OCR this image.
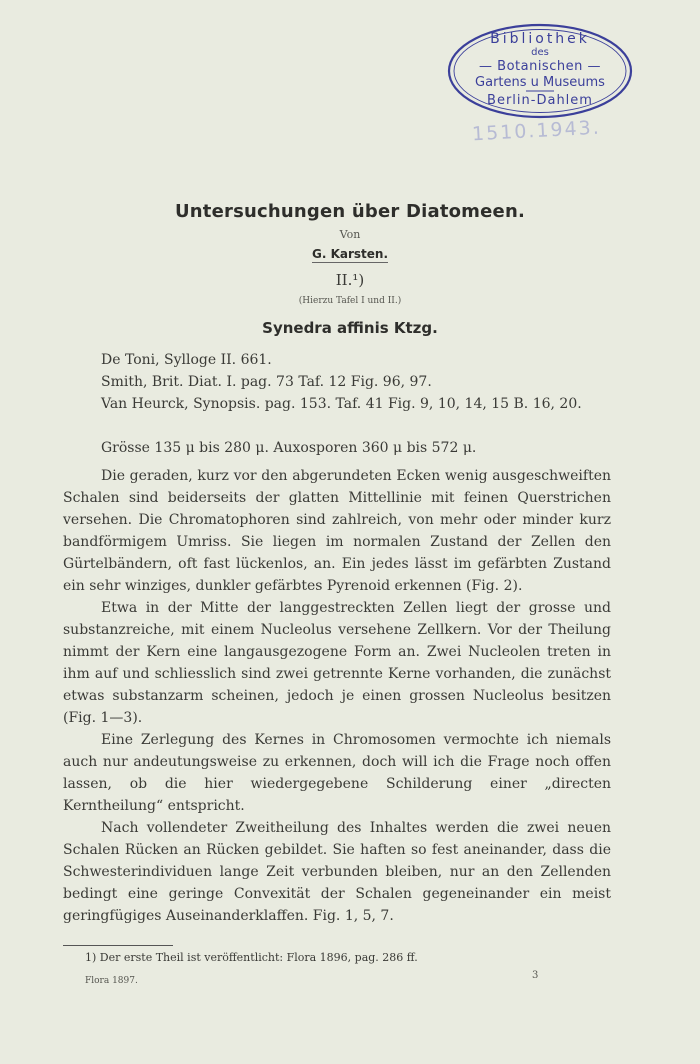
Bibliothek
des
— Botanischen —
Gartens u Museums
Berlin-Dahlem
1510.1943.
Untersuchungen über Diatomeen.
Von
G. Karsten.
II.¹)
(Hierzu Tafel I und II.)
Synedra affinis Ktzg.
De Toni, Sylloge II. 661.
Smith, Brit. Diat. I. pag. 73 Taf. 12 Fig. 96, 97.
Van Heurck, Synopsis. pag. 153. Taf. 41 Fig. 9, 10, 14, 15 B. 16, 20.
Grösse 135 μ bis 280 μ. Auxosporen 360 μ bis 572 μ.

Die geraden, kurz vor den abgerundeten Ecken wenig ausgeschweiften Schalen sind beiderseits der glatten Mittellinie mit feinen Querstrichen versehen. Die Chromatophoren sind zahlreich, von mehr oder minder kurz bandförmigem Umriss. Sie liegen im normalen Zustand der Zellen den Gürtelbändern, oft fast lückenlos, an. Ein jedes lässt im gefärbten Zustand ein sehr winziges, dunkler gefärbtes Pyrenoid erkennen (Fig. 2).

Etwa in der Mitte der langgestreckten Zellen liegt der grosse und substanzreiche, mit einem Nucleolus versehene Zellkern. Vor der Theilung nimmt der Kern eine langausgezogene Form an. Zwei Nucleolen treten in ihm auf und schliesslich sind zwei getrennte Kerne vorhanden, die zunächst etwas substanzarm scheinen, jedoch je einen grossen Nucleolus besitzen (Fig. 1—3).

Eine Zerlegung des Kernes in Chromosomen vermochte ich niemals auch nur andeutungsweise zu erkennen, doch will ich die Frage noch offen lassen, ob die hier wiedergegebene Schilderung einer „directen Kerntheilung“ entspricht.

Nach vollendeter Zweitheilung des Inhaltes werden die zwei neuen Schalen Rücken an Rücken gebildet. Sie haften so fest aneinander, dass die Schwesterindividuen lange Zeit verbunden bleiben, nur an den Zellenden bedingt eine geringe Convexität der Schalen gegeneinander ein meist geringfügiges Auseinanderklaffen. Fig. 1, 5, 7.

1) Der erste Theil ist veröffentlicht: Flora 1896, pag. 286 ff.
Flora 1897.	3
